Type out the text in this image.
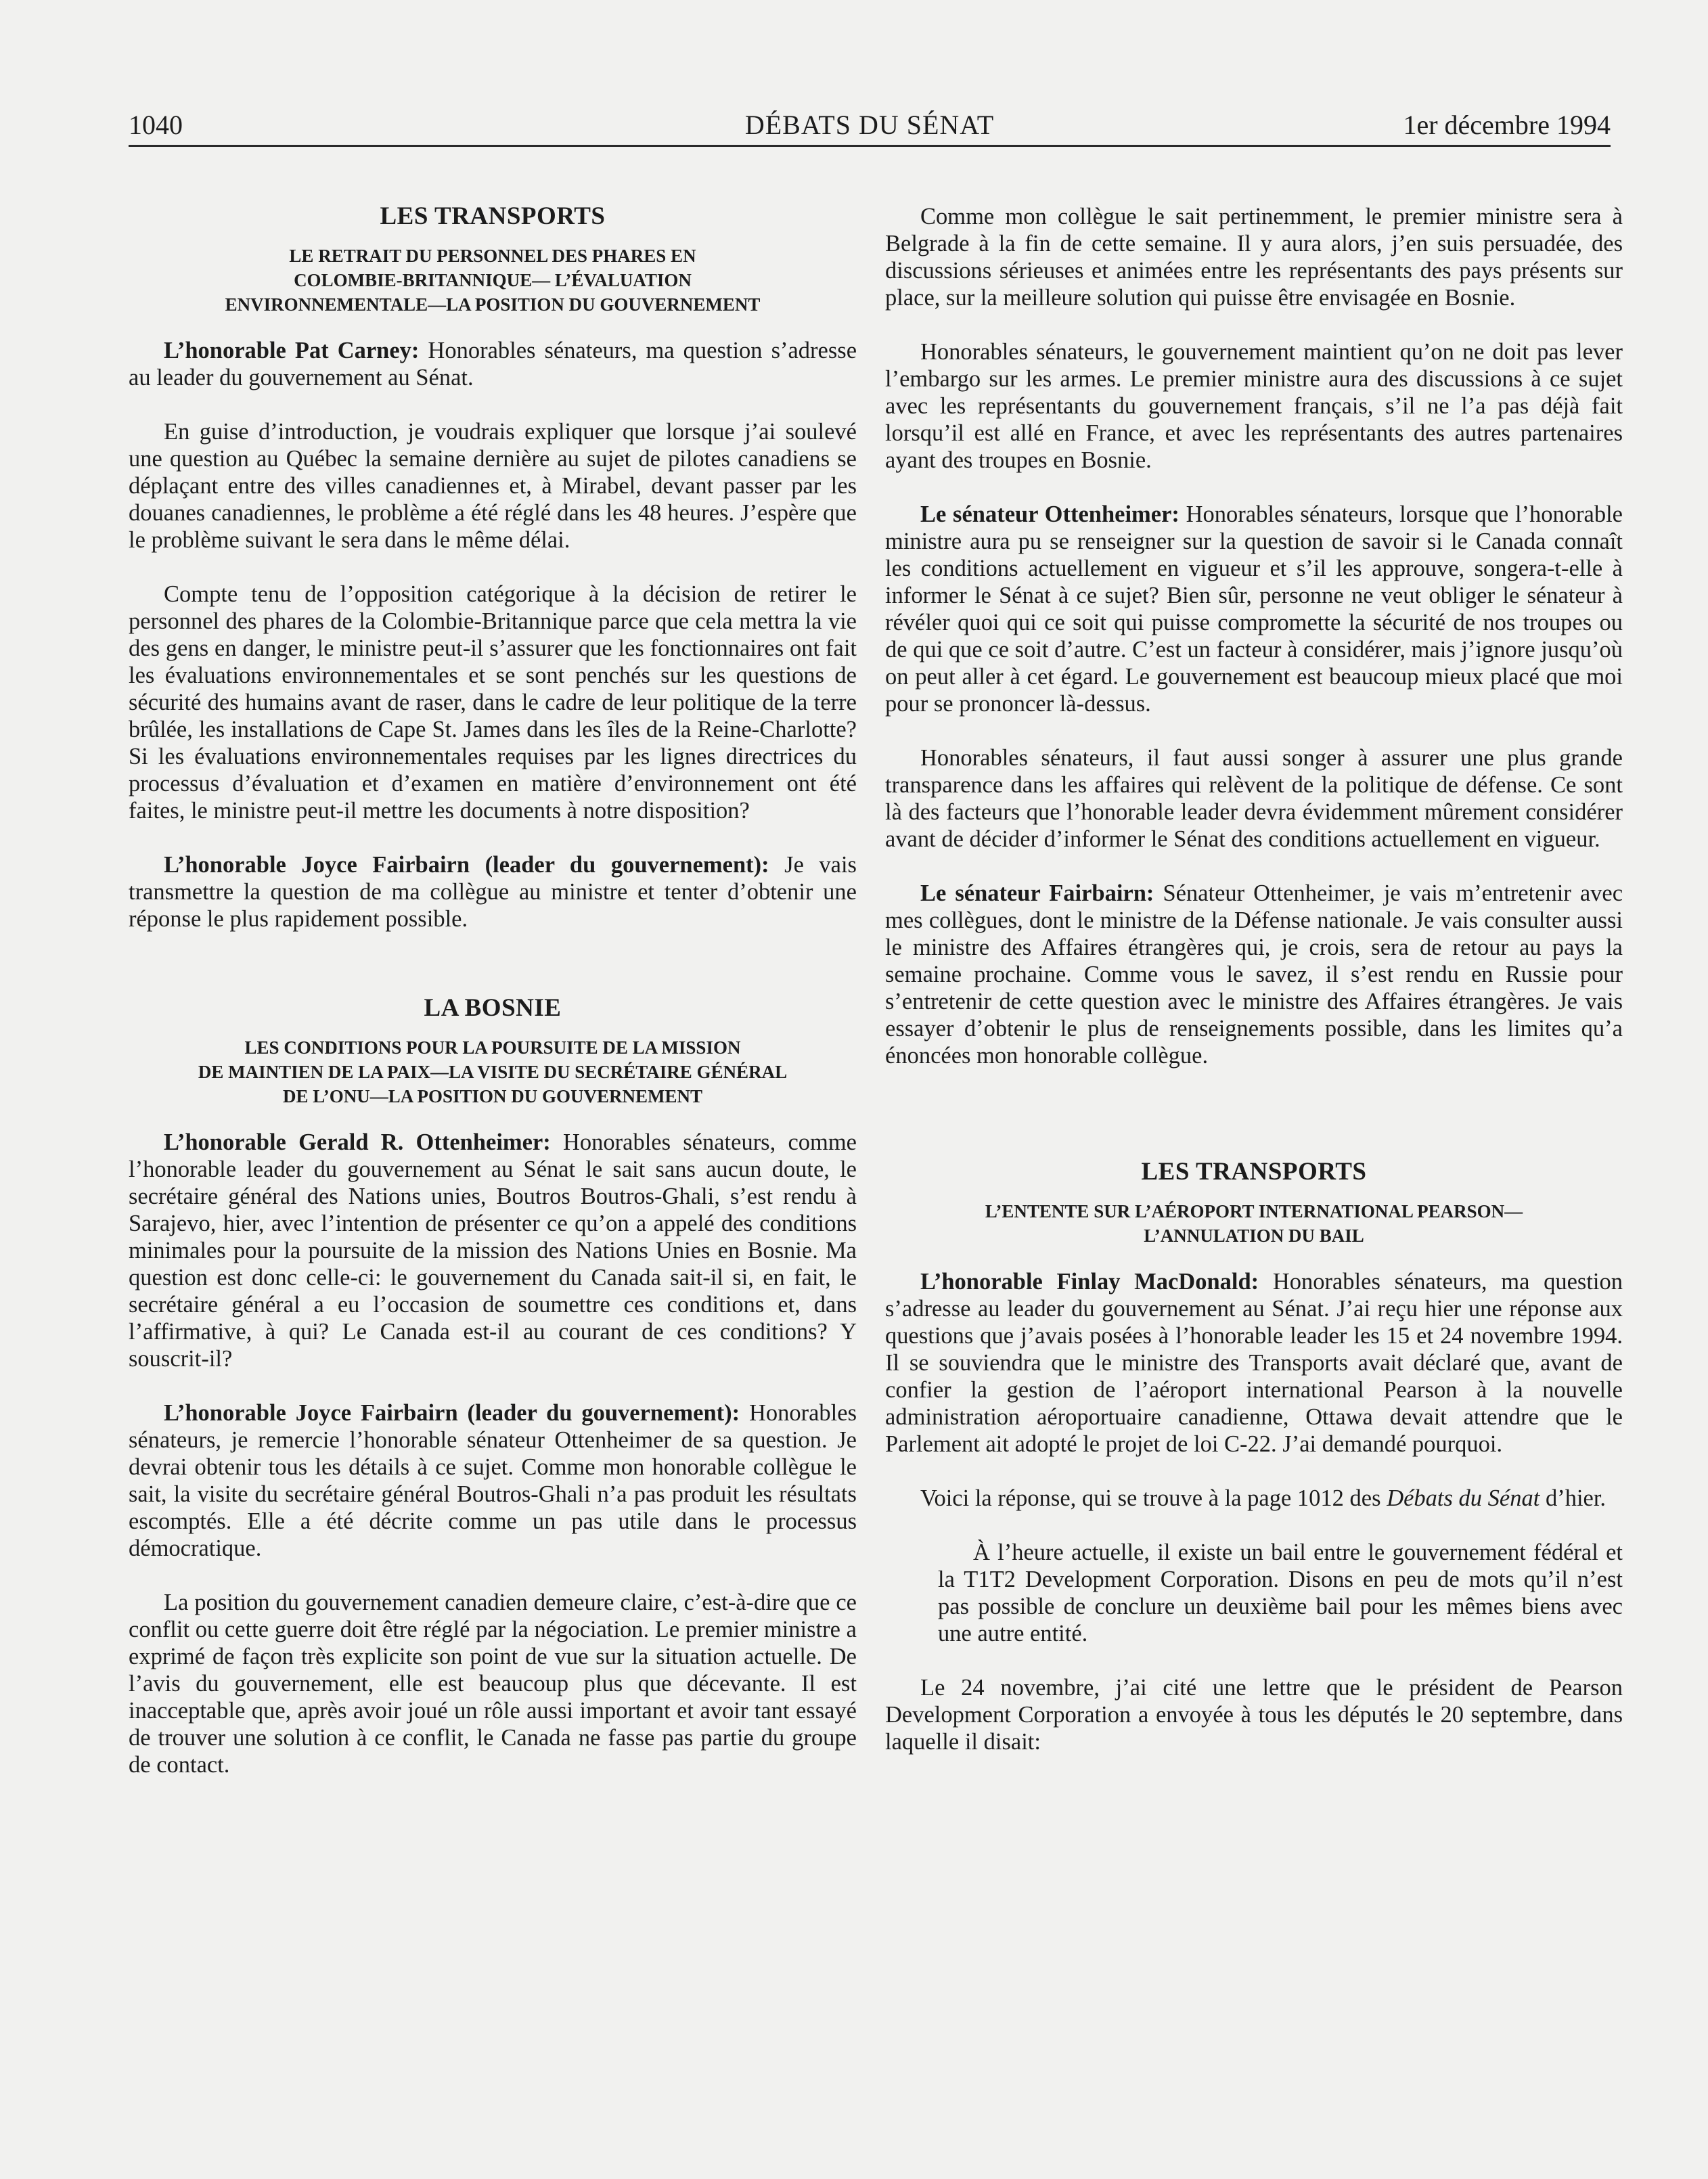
1040	DÉBATS DU SÉNAT	1er décembre 1994
LES TRANSPORTS
LE RETRAIT DU PERSONNEL DES PHARES EN
COLOMBIE-BRITANNIQUE— L’ÉVALUATION
ENVIRONNEMENTALE—LA POSITION DU GOUVERNEMENT

L’honorable Pat Carney: Honorables sénateurs, ma question s’adresse au leader du gouvernement au Sénat.

En guise d’introduction, je voudrais expliquer que lorsque j’ai soulevé une question au Québec la semaine dernière au sujet de pilotes canadiens se déplaçant entre des villes canadiennes et, à Mirabel, devant passer par les douanes canadiennes, le problème a été réglé dans les 48 heures. J’espère que le problème suivant le sera dans le même délai.

Compte tenu de l’opposition catégorique à la décision de retirer le personnel des phares de la Colombie-Britannique parce que cela mettra la vie des gens en danger, le ministre peut-il s’assurer que les fonctionnaires ont fait les évaluations environnementales et se sont penchés sur les questions de sécurité des humains avant de raser, dans le cadre de leur politique de la terre brûlée, les installations de Cape St. James dans les îles de la Reine-Charlotte? Si les évaluations environnementales requises par les lignes directrices du processus d’évaluation et d’examen en matière d’environnement ont été faites, le ministre peut-il mettre les documents à notre disposition?

L’honorable Joyce Fairbairn (leader du gouvernement): Je vais transmettre la question de ma collègue au ministre et tenter d’obtenir une réponse le plus rapidement possible.

LA BOSNIE
LES CONDITIONS POUR LA POURSUITE DE LA MISSION
DE MAINTIEN DE LA PAIX—LA VISITE DU SECRÉTAIRE GÉNÉRAL
DE L’ONU—LA POSITION DU GOUVERNEMENT

L’honorable Gerald R. Ottenheimer: Honorables sénateurs, comme l’honorable leader du gouvernement au Sénat le sait sans aucun doute, le secrétaire général des Nations unies, Boutros Boutros-Ghali, s’est rendu à Sarajevo, hier, avec l’intention de présenter ce qu’on a appelé des conditions minimales pour la poursuite de la mission des Nations Unies en Bosnie. Ma question est donc celle-ci: le gouvernement du Canada sait-il si, en fait, le secrétaire général a eu l’occasion de soumettre ces conditions et, dans l’affirmative, à qui? Le Canada est-il au courant de ces conditions? Y souscrit-il?

L’honorable Joyce Fairbairn (leader du gouvernement): Honorables sénateurs, je remercie l’honorable sénateur Ottenheimer de sa question. Je devrai obtenir tous les détails à ce sujet. Comme mon honorable collègue le sait, la visite du secrétaire général Boutros-Ghali n’a pas produit les résultats escomptés. Elle a été décrite comme un pas utile dans le processus démocratique.

La position du gouvernement canadien demeure claire, c’est-à-dire que ce conflit ou cette guerre doit être réglé par la négociation. Le premier ministre a exprimé de façon très explicite son point de vue sur la situation actuelle. De l’avis du gouvernement, elle est beaucoup plus que décevante. Il est inacceptable que, après avoir joué un rôle aussi important et avoir tant essayé de trouver une solution à ce conflit, le Canada ne fasse pas partie du groupe de contact.

Comme mon collègue le sait pertinemment, le premier ministre sera à Belgrade à la fin de cette semaine. Il y aura alors, j’en suis persuadée, des discussions sérieuses et animées entre les représentants des pays présents sur place, sur la meilleure solution qui puisse être envisagée en Bosnie.

Honorables sénateurs, le gouvernement maintient qu’on ne doit pas lever l’embargo sur les armes. Le premier ministre aura des discussions à ce sujet avec les représentants du gouvernement français, s’il ne l’a pas déjà fait lorsqu’il est allé en France, et avec les représentants des autres partenaires ayant des troupes en Bosnie.

Le sénateur Ottenheimer: Honorables sénateurs, lorsque que l’honorable ministre aura pu se renseigner sur la question de savoir si le Canada connaît les conditions actuellement en vigueur et s’il les approuve, songera-t-elle à informer le Sénat à ce sujet? Bien sûr, personne ne veut obliger le sénateur à révéler quoi qui ce soit qui puisse compromette la sécurité de nos troupes ou de qui que ce soit d’autre. C’est un facteur à considérer, mais j’ignore jusqu’où on peut aller à cet égard. Le gouvernement est beaucoup mieux placé que moi pour se prononcer là-dessus.

Honorables sénateurs, il faut aussi songer à assurer une plus grande transparence dans les affaires qui relèvent de la politique de défense. Ce sont là des facteurs que l’honorable leader devra évidemment mûrement considérer avant de décider d’informer le Sénat des conditions actuellement en vigueur.

Le sénateur Fairbairn: Sénateur Ottenheimer, je vais m’entretenir avec mes collègues, dont le ministre de la Défense nationale. Je vais consulter aussi le ministre des Affaires étrangères qui, je crois, sera de retour au pays la semaine prochaine. Comme vous le savez, il s’est rendu en Russie pour s’entretenir de cette question avec le ministre des Affaires étrangères. Je vais essayer d’obtenir le plus de renseignements possible, dans les limites qu’a énoncées mon honorable collègue.

LES TRANSPORTS
L’ENTENTE SUR L’AÉROPORT INTERNATIONAL PEARSON—
L’ANNULATION DU BAIL

L’honorable Finlay MacDonald: Honorables sénateurs, ma question s’adresse au leader du gouvernement au Sénat. J’ai reçu hier une réponse aux questions que j’avais posées à l’honorable leader les 15 et 24 novembre 1994. Il se souviendra que le ministre des Transports avait déclaré que, avant de confier la gestion de l’aéroport international Pearson à la nouvelle administration aéroportuaire canadienne, Ottawa devait attendre que le Parlement ait adopté le projet de loi C-22. J’ai demandé pourquoi.

Voici la réponse, qui se trouve à la page 1012 des Débats du Sénat d’hier.

À l’heure actuelle, il existe un bail entre le gouvernement fédéral et la T1T2 Development Corporation. Disons en peu de mots qu’il n’est pas possible de conclure un deuxième bail pour les mêmes biens avec une autre entité.

Le 24 novembre, j’ai cité une lettre que le président de Pearson Development Corporation a envoyée à tous les députés le 20 septembre, dans laquelle il disait:
